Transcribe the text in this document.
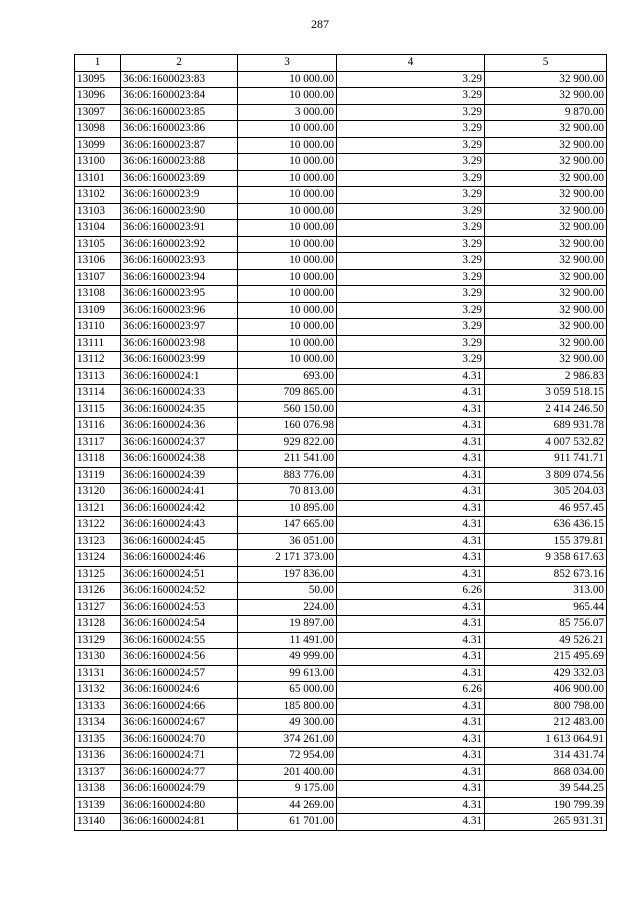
287
1	2	3	4	5
13095	36:06:1600023:83	10 000.00	3.29	32 900.00
13096	36:06:1600023:84	10 000.00	3.29	32 900.00
13097	36:06:1600023:85	3 000.00	3.29	9 870.00
13098	36:06:1600023:86	10 000.00	3.29	32 900.00
13099	36:06:1600023:87	10 000.00	3.29	32 900.00
13100	36:06:1600023:88	10 000.00	3.29	32 900.00
13101	36:06:1600023:89	10 000.00	3.29	32 900.00
13102	36:06:1600023:9	10 000.00	3.29	32 900.00
13103	36:06:1600023:90	10 000.00	3.29	32 900.00
13104	36:06:1600023:91	10 000.00	3.29	32 900.00
13105	36:06:1600023:92	10 000.00	3.29	32 900.00
13106	36:06:1600023:93	10 000.00	3.29	32 900.00
13107	36:06:1600023:94	10 000.00	3.29	32 900.00
13108	36:06:1600023:95	10 000.00	3.29	32 900.00
13109	36:06:1600023:96	10 000.00	3.29	32 900.00
13110	36:06:1600023:97	10 000.00	3.29	32 900.00
13111	36:06:1600023:98	10 000.00	3.29	32 900.00
13112	36:06:1600023:99	10 000.00	3.29	32 900.00
13113	36:06:1600024:1	693.00	4.31	2 986.83
13114	36:06:1600024:33	709 865.00	4.31	3 059 518.15
13115	36:06:1600024:35	560 150.00	4.31	2 414 246.50
13116	36:06:1600024:36	160 076.98	4.31	689 931.78
13117	36:06:1600024:37	929 822.00	4.31	4 007 532.82
13118	36:06:1600024:38	211 541.00	4.31	911 741.71
13119	36:06:1600024:39	883 776.00	4.31	3 809 074.56
13120	36:06:1600024:41	70 813.00	4.31	305 204.03
13121	36:06:1600024:42	10 895.00	4.31	46 957.45
13122	36:06:1600024:43	147 665.00	4.31	636 436.15
13123	36:06:1600024:45	36 051.00	4.31	155 379.81
13124	36:06:1600024:46	2 171 373.00	4.31	9 358 617.63
13125	36:06:1600024:51	197 836.00	4.31	852 673.16
13126	36:06:1600024:52	50.00	6.26	313.00
13127	36:06:1600024:53	224.00	4.31	965.44
13128	36:06:1600024:54	19 897.00	4.31	85 756.07
13129	36:06:1600024:55	11 491.00	4.31	49 526.21
13130	36:06:1600024:56	49 999.00	4.31	215 495.69
13131	36:06:1600024:57	99 613.00	4.31	429 332.03
13132	36:06:1600024:6	65 000.00	6.26	406 900.00
13133	36:06:1600024:66	185 800.00	4.31	800 798.00
13134	36:06:1600024:67	49 300.00	4.31	212 483.00
13135	36:06:1600024:70	374 261.00	4.31	1 613 064.91
13136	36:06:1600024:71	72 954.00	4.31	314 431.74
13137	36:06:1600024:77	201 400.00	4.31	868 034.00
13138	36:06:1600024:79	9 175.00	4.31	39 544.25
13139	36:06:1600024:80	44 269.00	4.31	190 799.39
13140	36:06:1600024:81	61 701.00	4.31	265 931.31
